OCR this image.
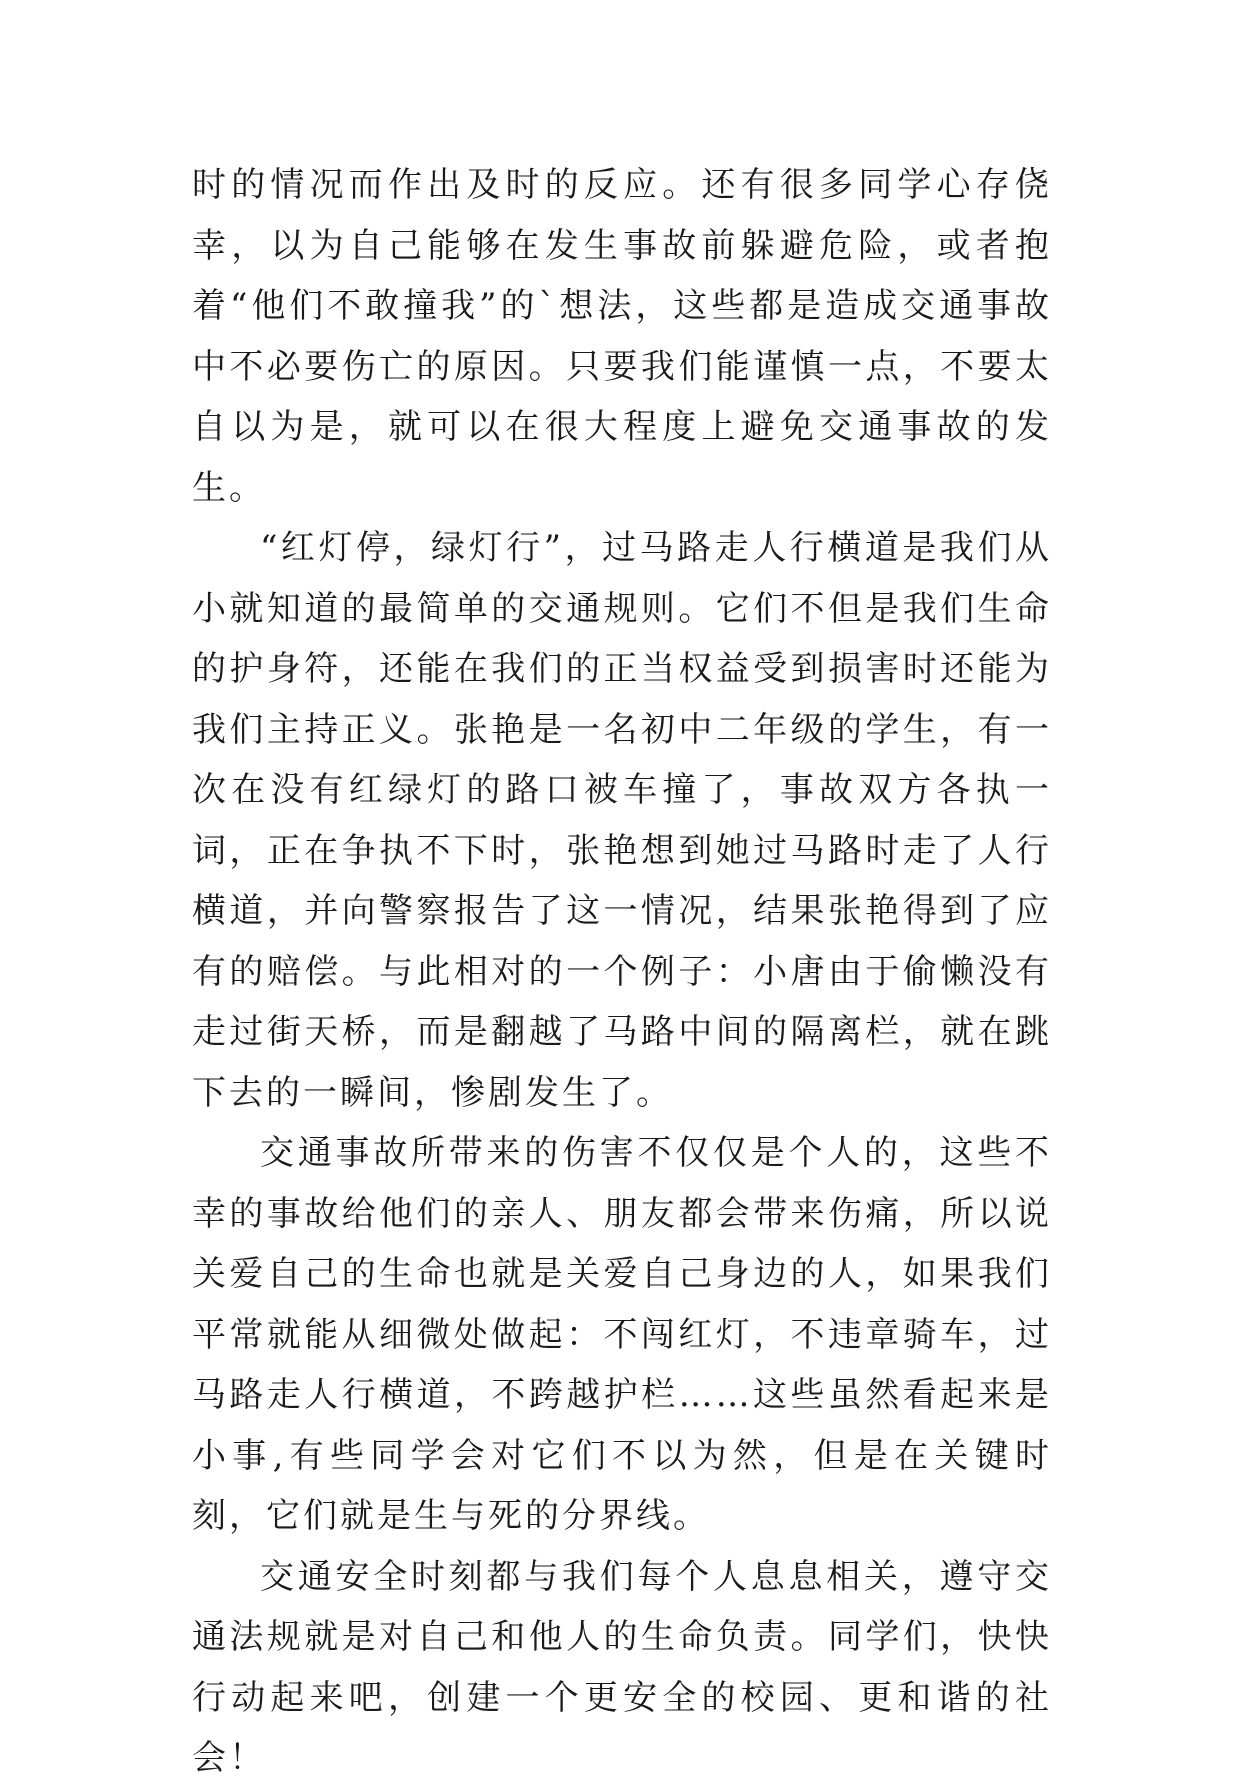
时的情况而作出及时的反应。还有很多同学心存侥幸，以为自己能够在发生事故前躲避危险，或者抱着“他们不敢撞我”的`想法，这些都是造成交通事故中不必要伤亡的原因。只要我们能谨慎一点，不要太自以为是，就可以在很大程度上避免交通事故的发生。

“红灯停，绿灯行”，过马路走人行横道是我们从小就知道的最简单的交通规则。它们不但是我们生命的护身符，还能在我们的正当权益受到损害时还能为我们主持正义。张艳是一名初中二年级的学生，有一次在没有红绿灯的路口被车撞了，事故双方各执一词，正在争执不下时，张艳想到她过马路时走了人行横道，并向警察报告了这一情况，结果张艳得到了应有的赔偿。与此相对的一个例子：小唐由于偷懒没有走过街天桥，而是翻越了马路中间的隔离栏，就在跳下去的一瞬间，惨剧发生了。

交通事故所带来的伤害不仅仅是个人的，这些不幸的事故给他们的亲人、朋友都会带来伤痛，所以说关爱自己的生命也就是关爱自己身边的人，如果我们平常就能从细微处做起：不闯红灯，不违章骑车，过马路走人行横道，不跨越护栏……这些虽然看起来是小事,有些同学会对它们不以为然，但是在关键时刻，它们就是生与死的分界线。

交通安全时刻都与我们每个人息息相关，遵守交通法规就是对自己和他人的生命负责。同学们，快快行动起来吧，创建一个更安全的校园、更和谐的社会！
